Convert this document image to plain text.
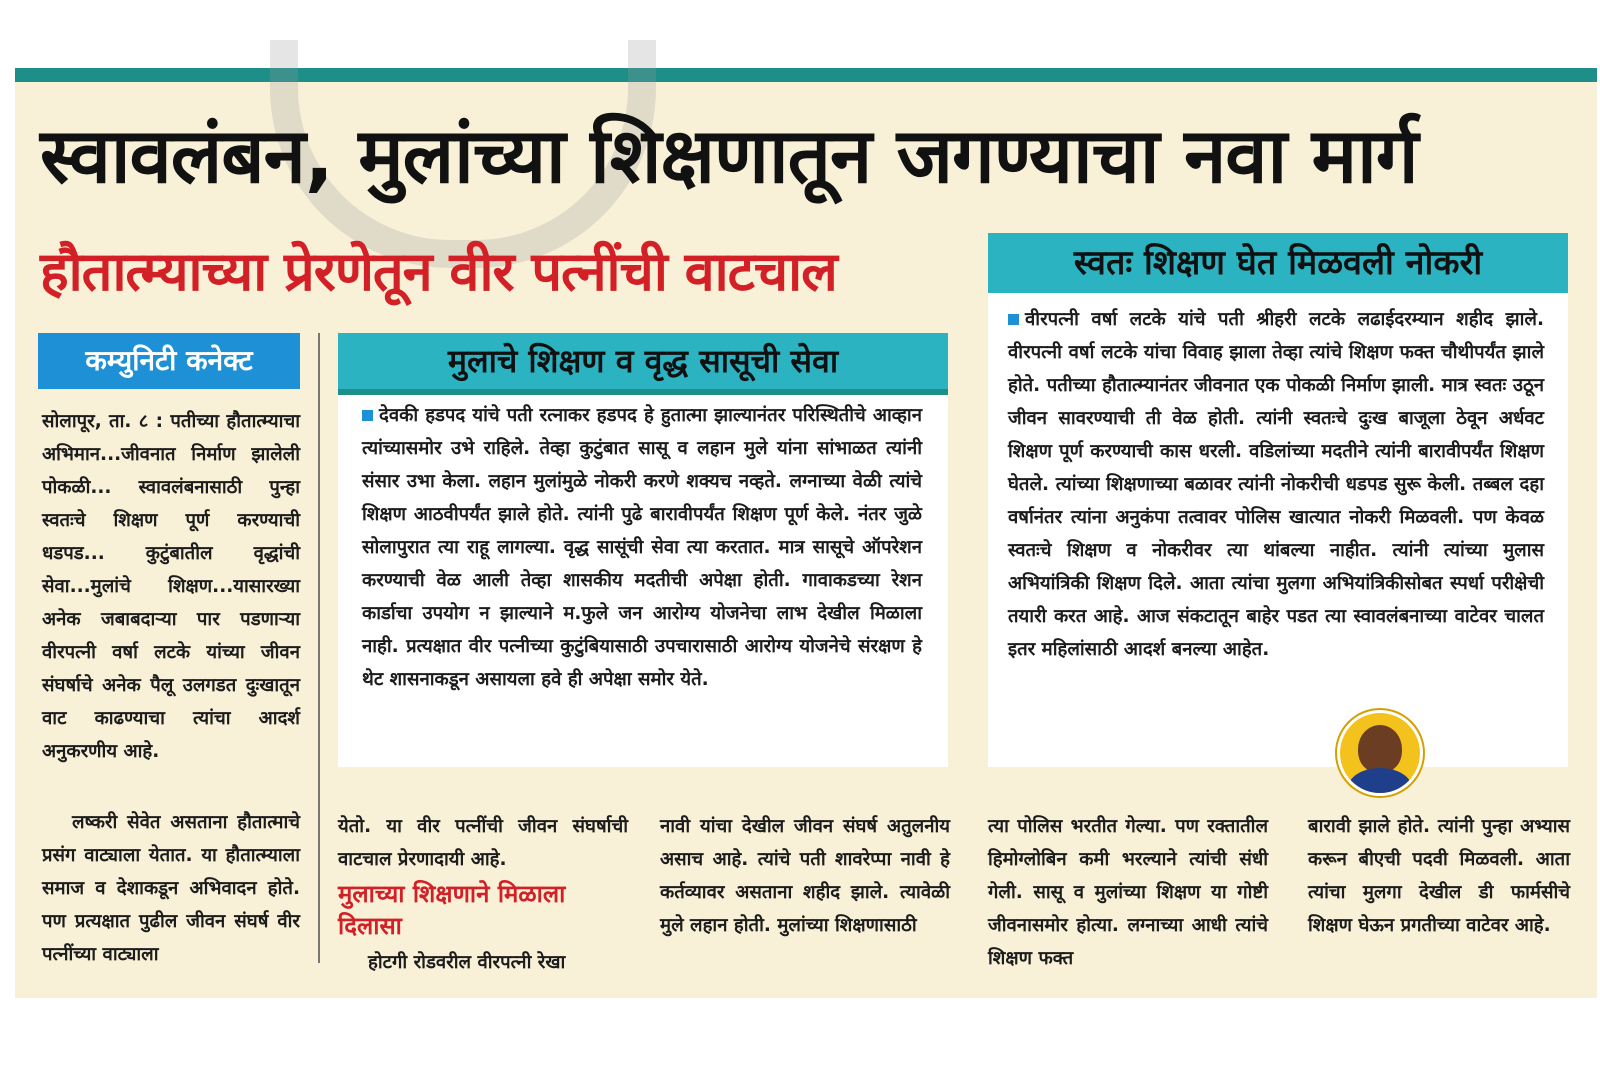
स्वावलंबन, मुलांच्या शिक्षणातून जगण्याचा नवा मार्ग
हौतात्म्याच्या प्रेरणेतून वीर पत्नींची वाटचाल
कम्युनिटी कनेक्ट	मुलाचे शिक्षण व वृद्ध सासूची सेवा
स्वतः शिक्षण घेत मिळवली नोकरी

देवकी हडपद यांचे पती रत्नाकर हडपद हे हुतात्मा झाल्यानंतर परिस्थितीचे आव्हान त्यांच्यासमोर उभे राहिले. तेव्हा कुटुंबात सासू व लहान मुले यांना सांभाळत त्यांनी संसार उभा केला. लहान मुलांमुळे नोकरी करणे शक्यच नव्हते. लग्नाच्या वेळी त्यांचे शिक्षण आठवीपर्यंत झाले होते. त्यांनी पुढे बारावीपर्यंत शिक्षण पूर्ण केले. नंतर जुळे सोलापुरात त्या राहू लागल्या. वृद्ध सासूंची सेवा त्या करतात. मात्र सासूचे ऑपरेशन करण्याची वेळ आली तेव्हा शासकीय मदतीची अपेक्षा होती. गावाकडच्या रेशन कार्डाचा उपयोग न झाल्याने म.फुले जन आरोग्य योजनेचा लाभ देखील मिळाला नाही. प्रत्यक्षात वीर पत्नीच्या कुटुंबियासाठी उपचारासाठी आरोग्य योजनेचे संरक्षण हे थेट शासनाकडून असायला हवे ही अपेक्षा समोर येते.

वीरपत्नी वर्षा लटके यांचे पती श्रीहरी लटके लढाईदरम्यान शहीद झाले. वीरपत्नी वर्षा लटके यांचा विवाह झाला तेव्हा त्यांचे शिक्षण फक्त चौथीपर्यंत झाले होते. पतीच्या हौतात्म्यानंतर जीवनात एक पोकळी निर्माण झाली. मात्र स्वतः उठून जीवन सावरण्याची ती वेळ होती. त्यांनी स्वतःचे दुःख बाजूला ठेवून अर्धवट शिक्षण पूर्ण करण्याची कास धरली. वडिलांच्या मदतीने त्यांनी बारावीपर्यंत शिक्षण घेतले. त्यांच्या शिक्षणाच्या बळावर त्यांनी नोकरीची धडपड सुरू केली. तब्बल दहा वर्षानंतर त्यांना अनुकंपा तत्वावर पोलिस खात्यात नोकरी मिळवली. पण केवळ स्वतःचे शिक्षण व नोकरीवर त्या थांबल्या नाहीत. त्यांनी त्यांच्या मुलास अभियांत्रिकी शिक्षण दिले. आता त्यांचा मुलगा अभियांत्रिकीसोबत स्पर्धा परीक्षेची तयारी करत आहे. आज संकटातून बाहेर पडत त्या स्वावलंबनाच्या वाटेवर चालत इतर महिलांसाठी आदर्श बनल्या आहेत.

सोलापूर, ता. ८ : पतीच्या हौतात्म्याचा अभिमान...जीवनात निर्माण झालेली पोकळी... स्वावलंबनासाठी पुन्हा स्वतःचे शिक्षण पूर्ण करण्याची धडपड... कुटुंबातील वृद्धांची सेवा...मुलांचे शिक्षण...यासारख्या अनेक जबाबदाऱ्या पार पडणाऱ्या वीरपत्नी वर्षा लटके यांच्या जीवन संघर्षाचे अनेक पैलू उलगडत दुःखातून वाट काढण्याचा त्यांचा आदर्श अनुकरणीय आहे.

लष्करी सेवेत असताना हौतात्माचे प्रसंग वाट्याला येतात. या हौतात्म्याला समाज व देशाकडून अभिवादन होते. पण प्रत्यक्षात पुढील जीवन संघर्ष वीर पत्नींच्या वाट्याला

येतो. या वीर पत्नींची जीवन संघर्षाची वाटचाल प्रेरणादायी आहे.

मुलाच्या शिक्षणाने मिळाला दिलासा

होटगी रोडवरील वीरपत्नी रेखा

नावी यांचा देखील जीवन संघर्ष अतुलनीय असाच आहे. त्यांचे पती शावरेप्पा नावी हे कर्तव्यावर असताना शहीद झाले. त्यावेळी मुले लहान होती. मुलांच्या शिक्षणासाठी

त्या पोलिस भरतीत गेल्या. पण रक्तातील हिमोग्लोबिन कमी भरल्याने त्यांची संधी गेली. सासू व मुलांच्या शिक्षण या गोष्टी जीवनासमोर होत्या. लग्नाच्या आधी त्यांचे शिक्षण फक्त

बारावी झाले होते. त्यांनी पुन्हा अभ्यास करून बीएची पदवी मिळवली. आता त्यांचा मुलगा देखील डी फार्मसीचे शिक्षण घेऊन प्रगतीच्या वाटेवर आहे.
